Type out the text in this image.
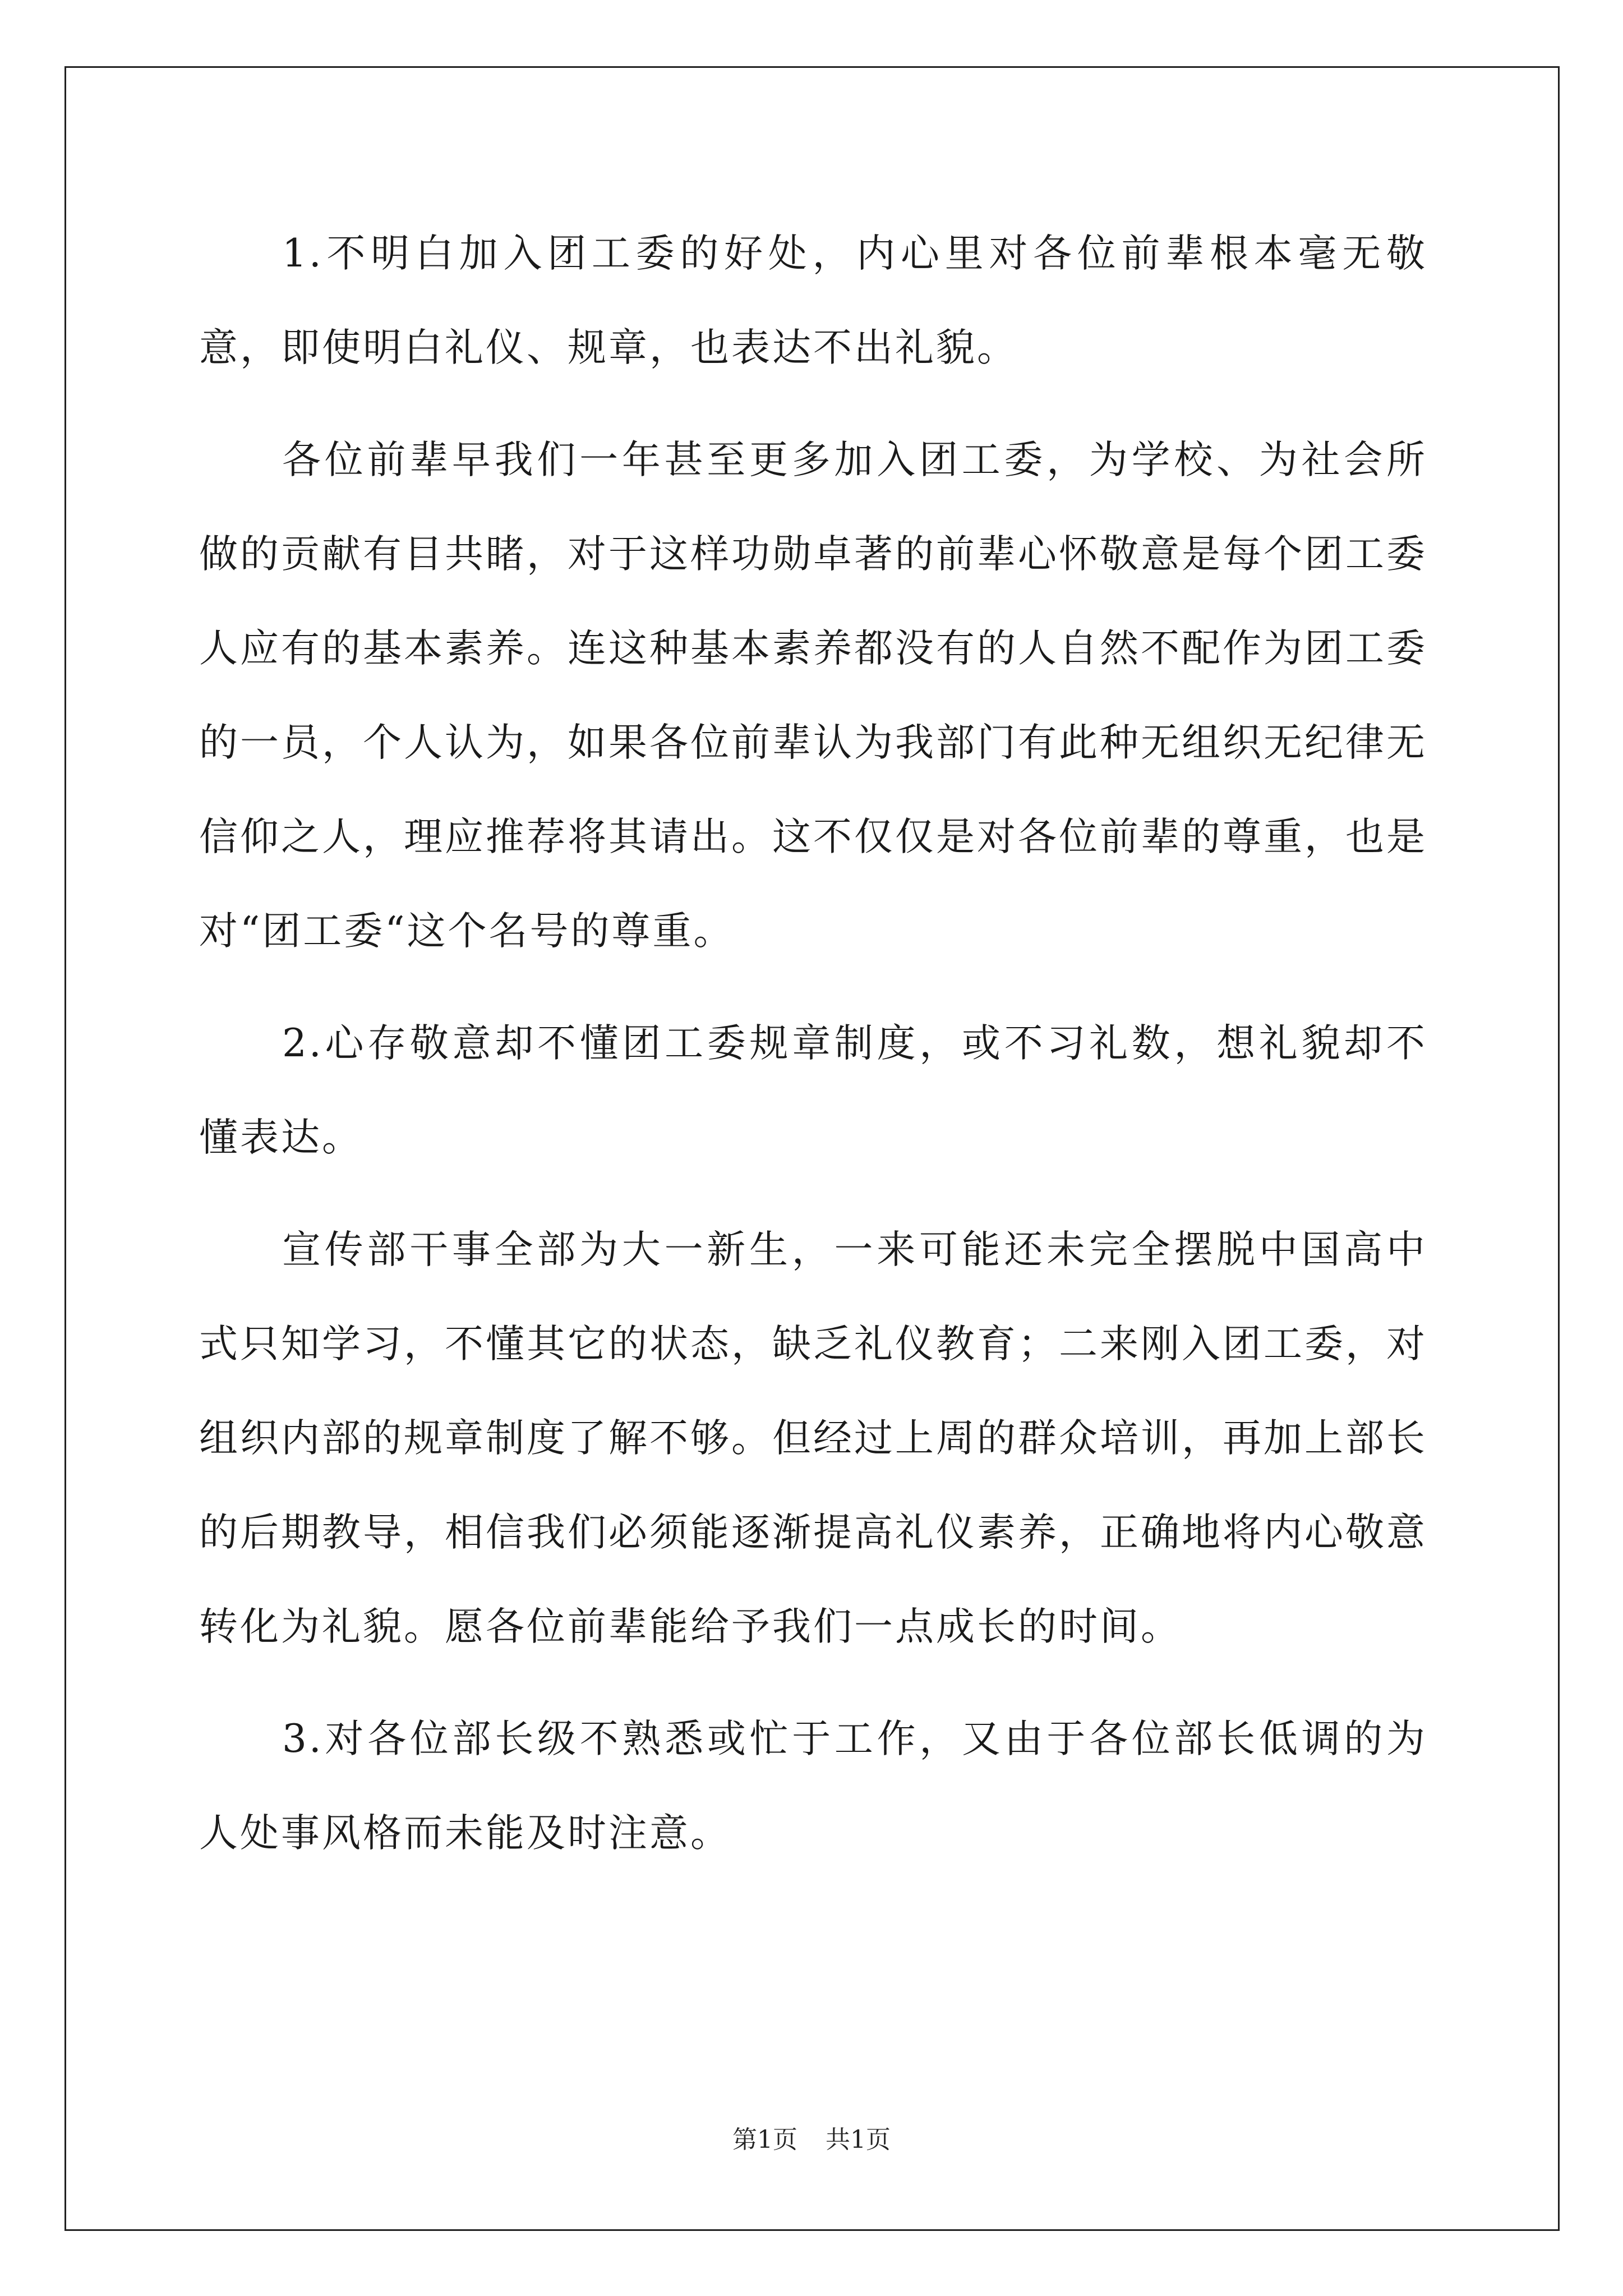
1.不明白加入团工委的好处，内心里对各位前辈根本毫无敬意，即使明白礼仪、规章，也表达不出礼貌。

各位前辈早我们一年甚至更多加入团工委，为学校、为社会所做的贡献有目共睹，对于这样功勋卓著的前辈心怀敬意是每个团工委人应有的基本素养。连这种基本素养都没有的人自然不配作为团工委的一员，个人认为，如果各位前辈认为我部门有此种无组织无纪律无信仰之人，理应推荐将其请出。这不仅仅是对各位前辈的尊重，也是对“团工委“这个名号的尊重。

2.心存敬意却不懂团工委规章制度，或不习礼数，想礼貌却不懂表达。

宣传部干事全部为大一新生，一来可能还未完全摆脱中国高中式只知学习，不懂其它的状态，缺乏礼仪教育；二来刚入团工委，对组织内部的规章制度了解不够。但经过上周的群众培训，再加上部长的后期教导，相信我们必须能逐渐提高礼仪素养，正确地将内心敬意转化为礼貌。愿各位前辈能给予我们一点成长的时间。

3.对各位部长级不熟悉或忙于工作，又由于各位部长低调的为人处事风格而未能及时注意。

第1页 共1页
